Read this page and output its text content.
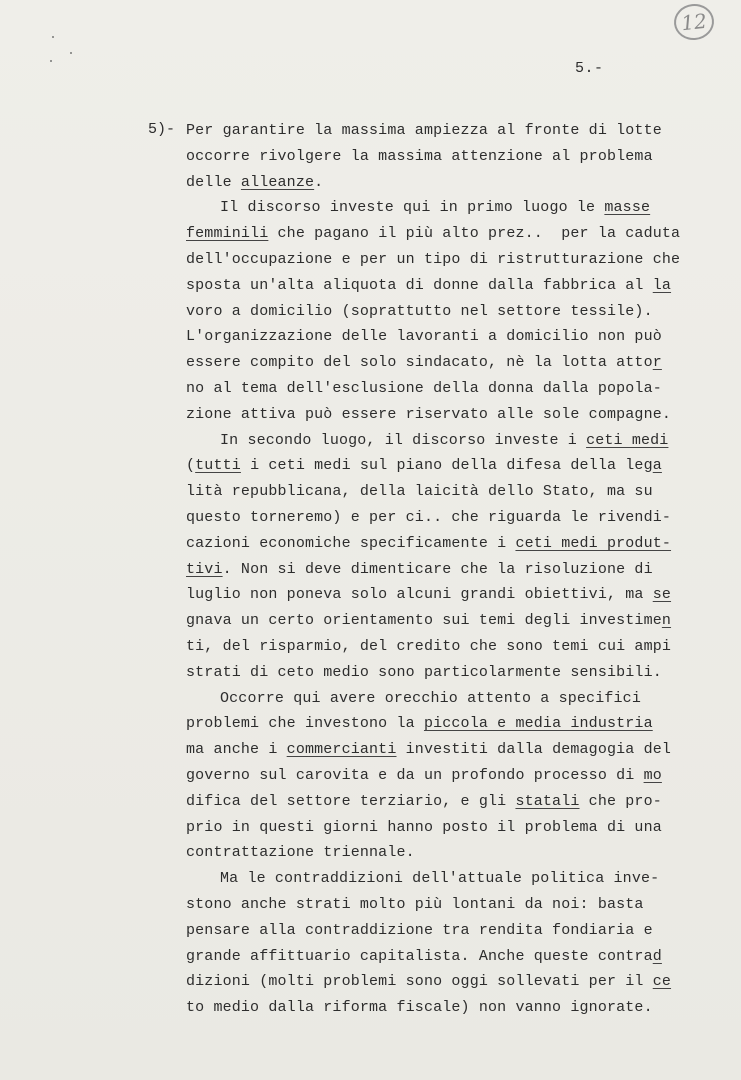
12
5.-
5)- Per garantire la massima ampiezza al fronte di lotte
occorre rivolgere la massima attenzione al problema
delle alleanze.

Il discorso investe qui in primo luogo le masse
femminili che pagano il più alto prez..  per la caduta
dell'occupazione e per un tipo di ristrutturazione che
sposta un'alta aliquota di donne dalla fabbrica al la
voro a domicilio (soprattutto nel settore tessile).
L'organizzazione delle lavoranti a domicilio non può
essere compito del solo sindacato, nè la lotta attor
no al tema dell'esclusione della donna dalla popola-
zione attiva può essere riservato alle sole compagne.

In secondo luogo, il discorso investe i ceti medi
(tutti i ceti medi sul piano della difesa della lega
lità repubblicana, della laicità dello Stato, ma su
questo torneremo) e per ci.. che riguarda le rivendi-
cazioni economiche specificamente i ceti medi produt-
tivi. Non si deve dimenticare che la risoluzione di
luglio non poneva solo alcuni grandi obiettivi, ma se
gnava un certo orientamento sui temi degli investimen
ti, del risparmio, del credito che sono temi cui ampi
strati di ceto medio sono particolarmente sensibili.

Occorre qui avere orecchio attento a specifici
problemi che investono la piccola e media industria
ma anche i commercianti investiti dalla demagogia del
governo sul carovita e da un profondo processo di mo
difica del settore terziario, e gli statali che pro-
prio in questi giorni hanno posto il problema di una
contrattazione triennale.

Ma le contraddizioni dell'attuale politica inve-
stono anche strati molto più lontani da noi: basta
pensare alla contraddizione tra rendita fondiaria e
grande affittuario capitalista. Anche queste contrad
dizioni (molti problemi sono oggi sollevati per il ce
to medio dalla riforma fiscale) non vanno ignorate.
